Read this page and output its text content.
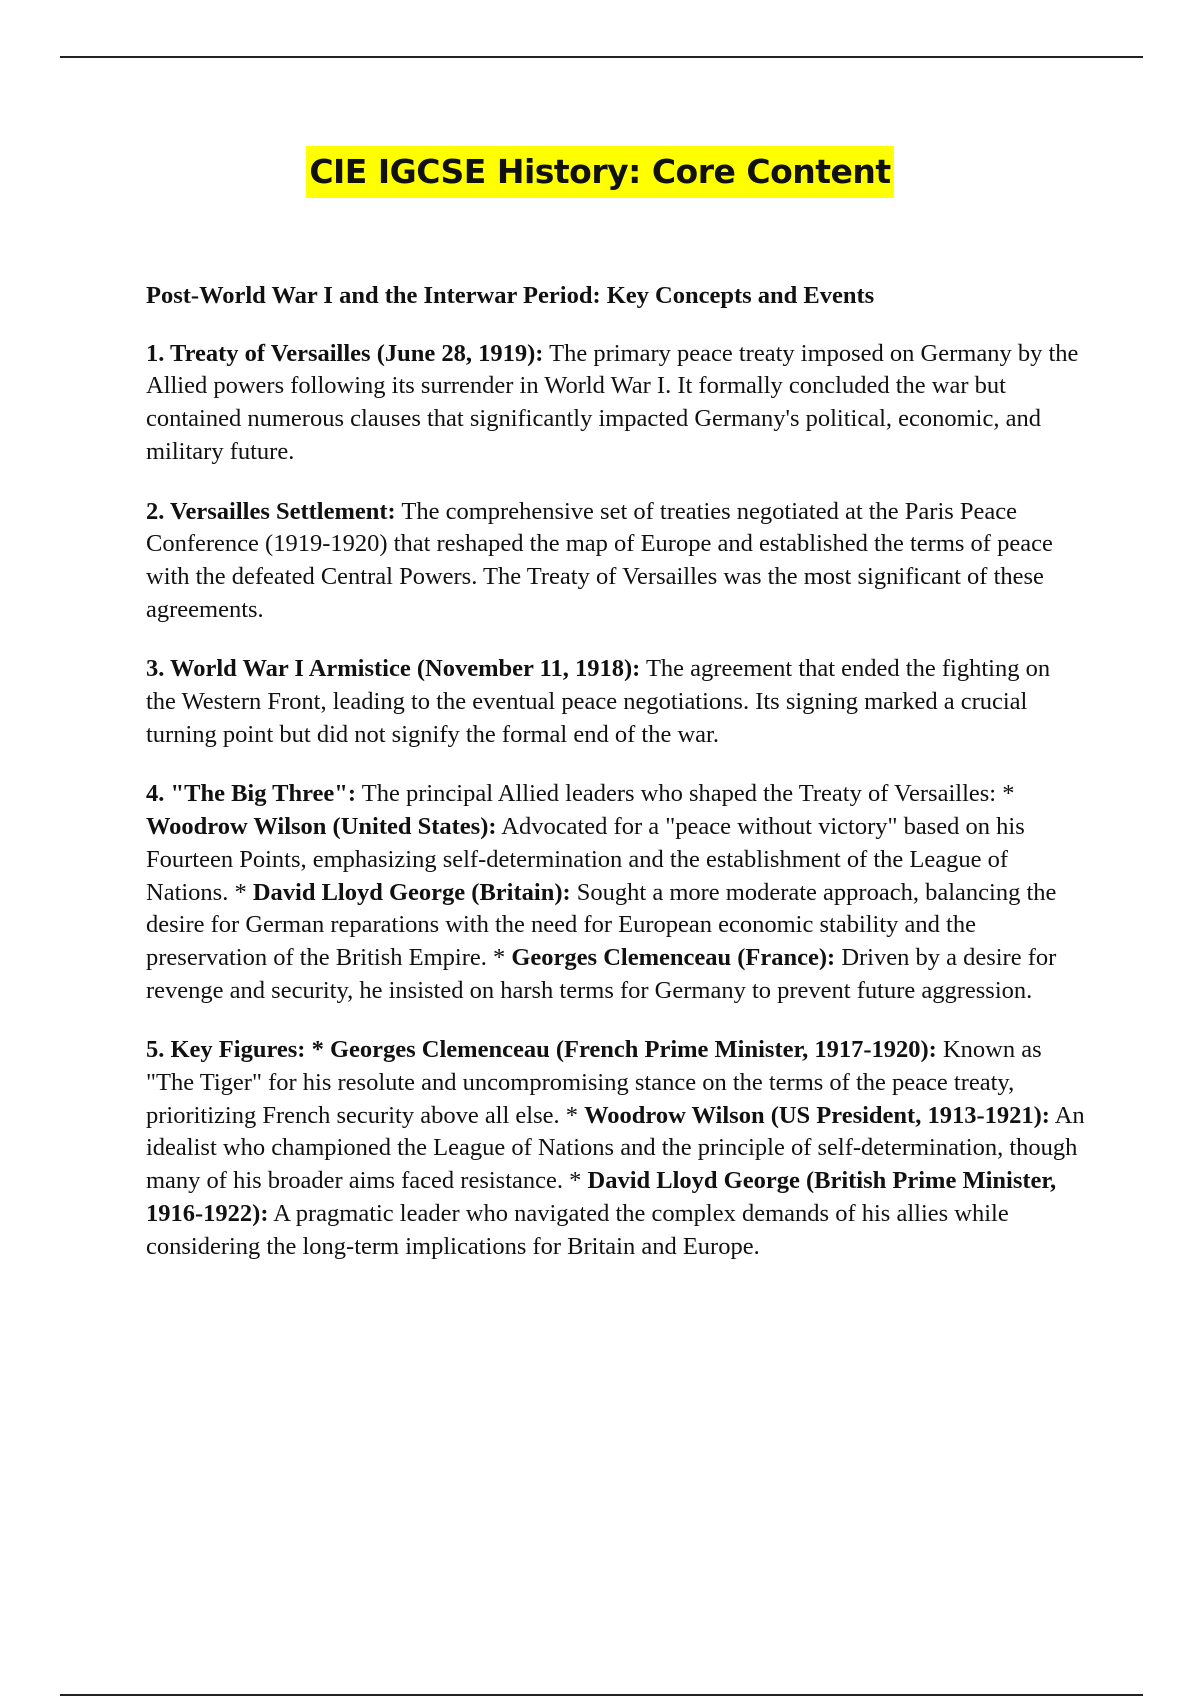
CIE IGCSE History: Core Content

Post-World War I and the Interwar Period: Key Concepts and Events

1. Treaty of Versailles (June 28, 1919): The primary peace treaty imposed on Germany by the Allied powers following its surrender in World War I. It formally concluded the war but contained numerous clauses that significantly impacted Germany's political, economic, and military future.

2. Versailles Settlement: The comprehensive set of treaties negotiated at the Paris Peace Conference (1919-1920) that reshaped the map of Europe and established the terms of peace with the defeated Central Powers. The Treaty of Versailles was the most significant of these agreements.

3. World War I Armistice (November 11, 1918): The agreement that ended the fighting on the Western Front, leading to the eventual peace negotiations. Its signing marked a crucial turning point but did not signify the formal end of the war.

4. "The Big Three": The principal Allied leaders who shaped the Treaty of Versailles: * Woodrow Wilson (United States): Advocated for a "peace without victory" based on his Fourteen Points, emphasizing self-determination and the establishment of the League of Nations. * David Lloyd George (Britain): Sought a more moderate approach, balancing the desire for German reparations with the need for European economic stability and the preservation of the British Empire. * Georges Clemenceau (France): Driven by a desire for revenge and security, he insisted on harsh terms for Germany to prevent future aggression.

5. Key Figures: * Georges Clemenceau (French Prime Minister, 1917-1920): Known as "The Tiger" for his resolute and uncompromising stance on the terms of the peace treaty, prioritizing French security above all else. * Woodrow Wilson (US President, 1913-1921): An idealist who championed the League of Nations and the principle of self-determination, though many of his broader aims faced resistance. * David Lloyd George (British Prime Minister, 1916-1922): A pragmatic leader who navigated the complex demands of his allies while considering the long-term implications for Britain and Europe.
